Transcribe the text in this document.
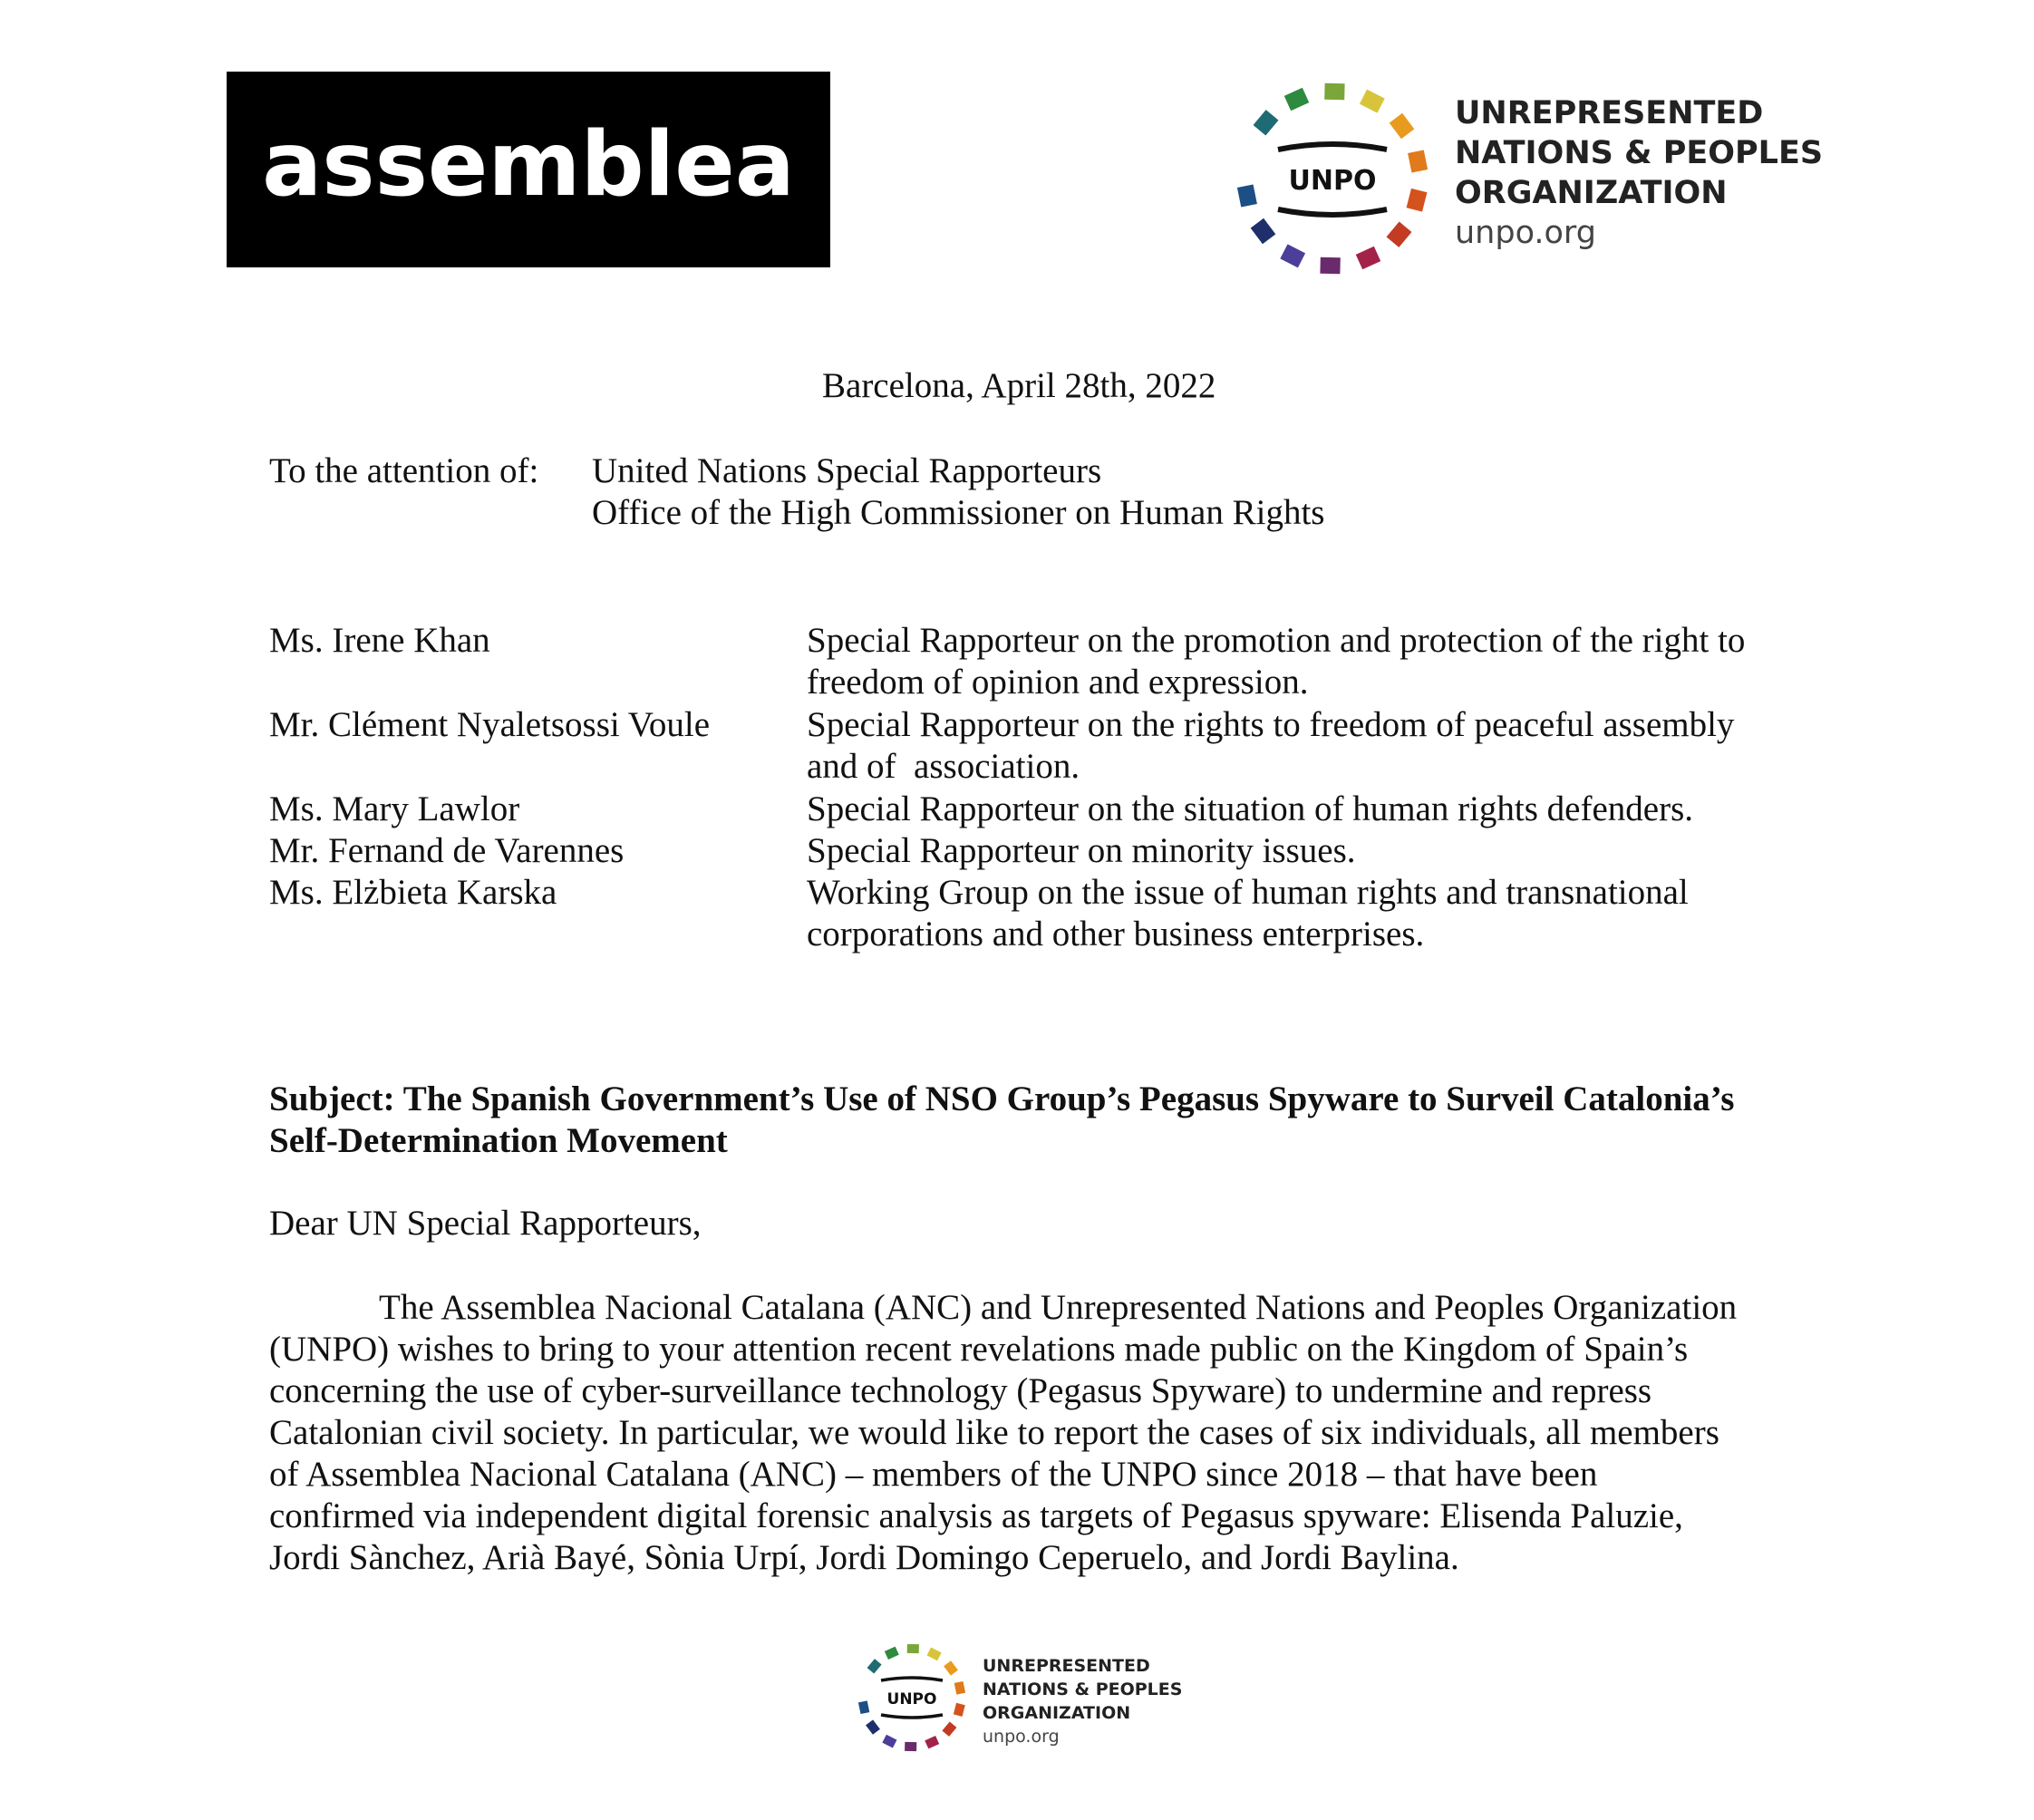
assemblea	UNPO
UNREPRESENTED
NATIONS & PEOPLES
ORGANIZATION
unpo.org
Barcelona, April 28th, 2022
To the attention of: United Nations Special Rapporteurs
Office of the High Commissioner on Human Rights
Ms. Irene Khan	Special Rapporteur on the promotion and protection of the right to
freedom of opinion and expression.
Mr. Clément Nyaletsossi Voule	Special Rapporteur on the rights to freedom of peaceful assembly
and of  association.
Ms. Mary Lawlor	Special Rapporteur on the situation of human rights defenders.
Mr. Fernand de Varennes	Special Rapporteur on minority issues.
Ms. Elżbieta Karska	Working Group on the issue of human rights and transnational
corporations and other business enterprises.
Subject: The Spanish Government’s Use of NSO Group’s Pegasus Spyware to Surveil Catalonia’s
Self-Determination Movement
Dear UN Special Rapporteurs,
The Assemblea Nacional Catalana (ANC) and Unrepresented Nations and Peoples Organization
(UNPO) wishes to bring to your attention recent revelations made public on the Kingdom of Spain’s
concerning the use of cyber-surveillance technology (Pegasus Spyware) to undermine and repress
Catalonian civil society. In particular, we would like to report the cases of six individuals, all members
of Assemblea Nacional Catalana (ANC) – members of the UNPO since 2018 – that have been
confirmed via independent digital forensic analysis as targets of Pegasus spyware: Elisenda Paluzie,
Jordi Sànchez, Arià Bayé, Sònia Urpí, Jordi Domingo Ceperuelo, and Jordi Baylina.
UNPO
UNREPRESENTED
NATIONS & PEOPLES
ORGANIZATION
unpo.org
